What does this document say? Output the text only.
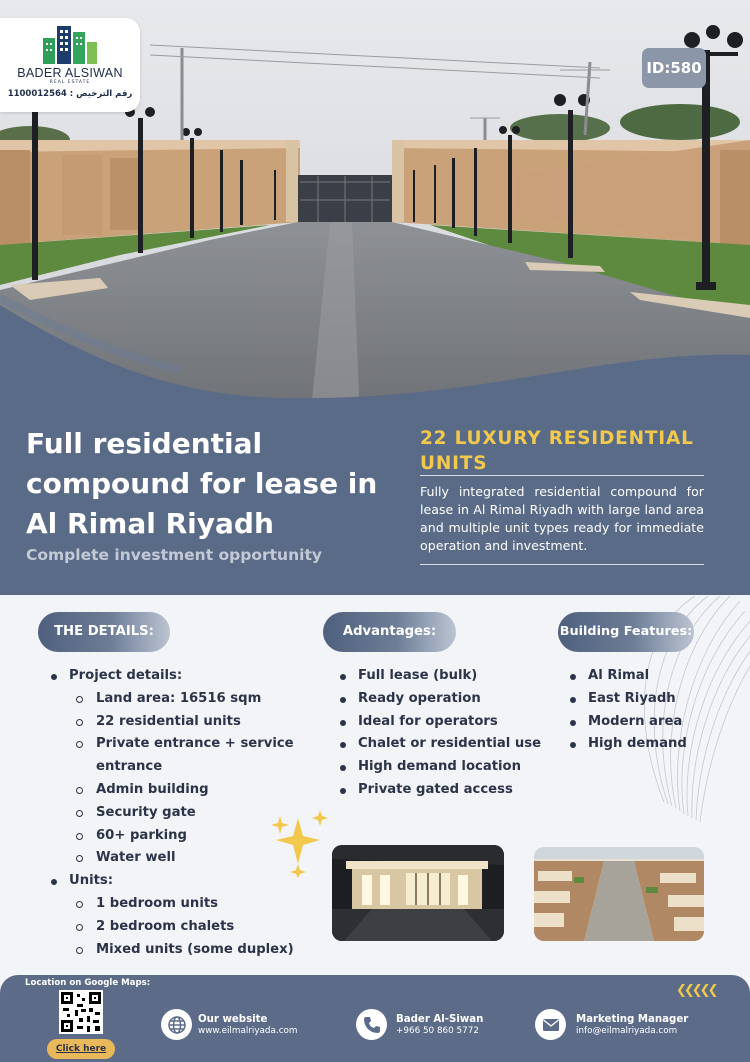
BADER ALSIWAN
REAL ESTATE
رقم الترخيص : 1100012564
ID:580
Full residential compound for lease in Al Rimal Riyadh
Complete investment opportunity
22 LUXURY RESIDENTIAL UNITS
Fully integrated residential compound for lease in Al Rimal Riyadh with large land area and multiple unit types ready for immediate operation and investment.
THE DETAILS:	Advantages:	Building Features:
Project details:
Land area: 16516 sqm
22 residential units
Private entrance + service entrance
Admin building
Security gate
60+ parking
Water well
Units:
1 bedroom units
2 bedroom chalets
Mixed units (some duplex)
Full lease (bulk)
Ready operation
Ideal for operators
Chalet or residential use
High demand location
Private gated access
Al Rimal
East Riyadh
Modern area
High demand
Location on Google Maps:
Click here
❮❮❮❮❮
Our website
www.eilmalriyada.com
Bader Al-Siwan
+966 50 860 5772
Marketing Manager
info@eilmalriyada.com
